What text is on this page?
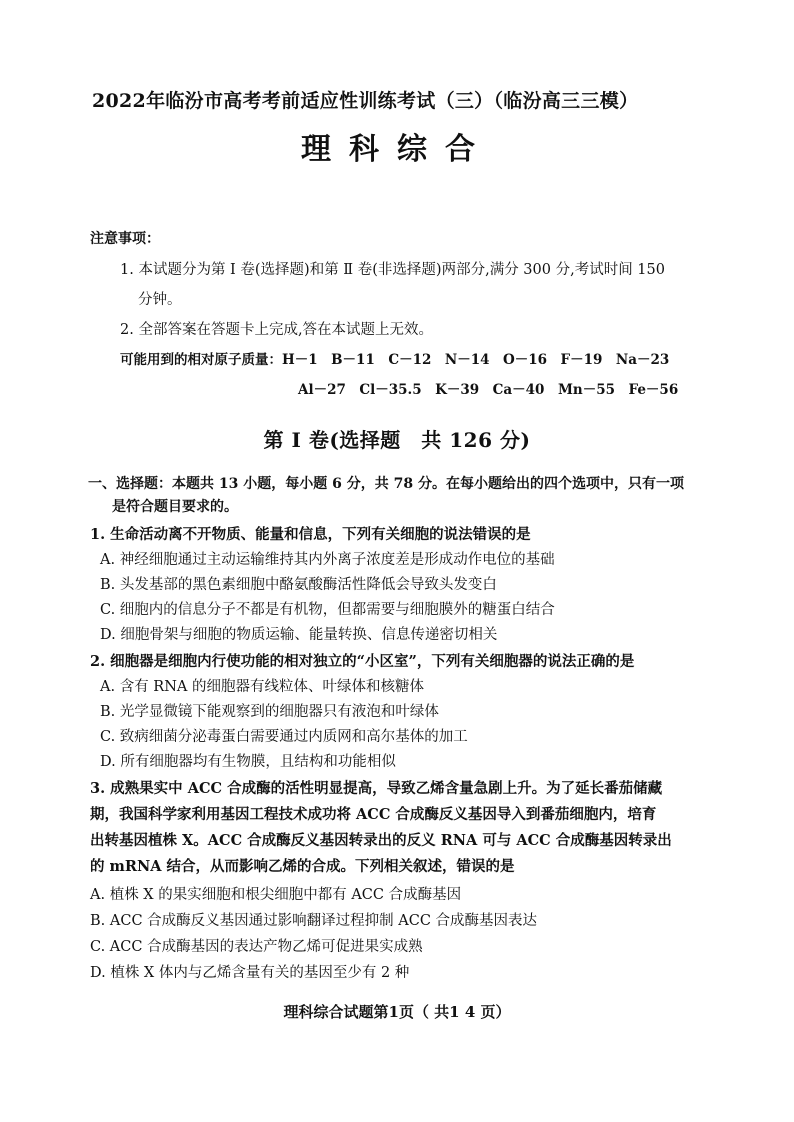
2022年临汾市高考考前适应性训练考试（三）（临汾高三三模）
理科综合
注意事项：
1. 本试题分为第 Ⅰ 卷(选择题)和第 Ⅱ 卷(非选择题)两部分,满分 300 分,考试时间 150
分钟。
2. 全部答案在答题卡上完成,答在本试题上无效。
可能用到的相对原子质量：H－1　B－11　C－12　N－14　O－16　F－19　Na－23
Al－27　Cl－35.5　K－39　Ca－40　Mn－55　Fe－56
第 Ⅰ 卷(选择题　共 126 分)
一、选择题：本题共 13 小题，每小题 6 分，共 78 分。在每小题给出的四个选项中，只有一项
是符合题目要求的。
1. 生命活动离不开物质、能量和信息，下列有关细胞的说法错误的是
A. 神经细胞通过主动运输维持其内外离子浓度差是形成动作电位的基础
B. 头发基部的黑色素细胞中酪氨酸酶活性降低会导致头发变白
C. 细胞内的信息分子不都是有机物，但都需要与细胞膜外的糖蛋白结合
D. 细胞骨架与细胞的物质运输、能量转换、信息传递密切相关
2. 细胞器是细胞内行使功能的相对独立的“小区室”，下列有关细胞器的说法正确的是
A. 含有 RNA 的细胞器有线粒体、叶绿体和核糖体
B. 光学显微镜下能观察到的细胞器只有液泡和叶绿体
C. 致病细菌分泌毒蛋白需要通过内质网和高尔基体的加工
D. 所有细胞器均有生物膜，且结构和功能相似
3. 成熟果实中 ACC 合成酶的活性明显提高，导致乙烯含量急剧上升。为了延长番茄储藏
期，我国科学家利用基因工程技术成功将 ACC 合成酶反义基因导入到番茄细胞内，培育
出转基因植株 X。ACC 合成酶反义基因转录出的反义 RNA 可与 ACC 合成酶基因转录出
的 mRNA 结合，从而影响乙烯的合成。下列相关叙述，错误的是
A. 植株 X 的果实细胞和根尖细胞中都有 ACC 合成酶基因
B. ACC 合成酶反义基因通过影响翻译过程抑制 ACC 合成酶基因表达
C. ACC 合成酶基因的表达产物乙烯可促进果实成熟
D. 植株 X 体内与乙烯含量有关的基因至少有 2 种
理科综合试题第1页（ 共1 4 页）
